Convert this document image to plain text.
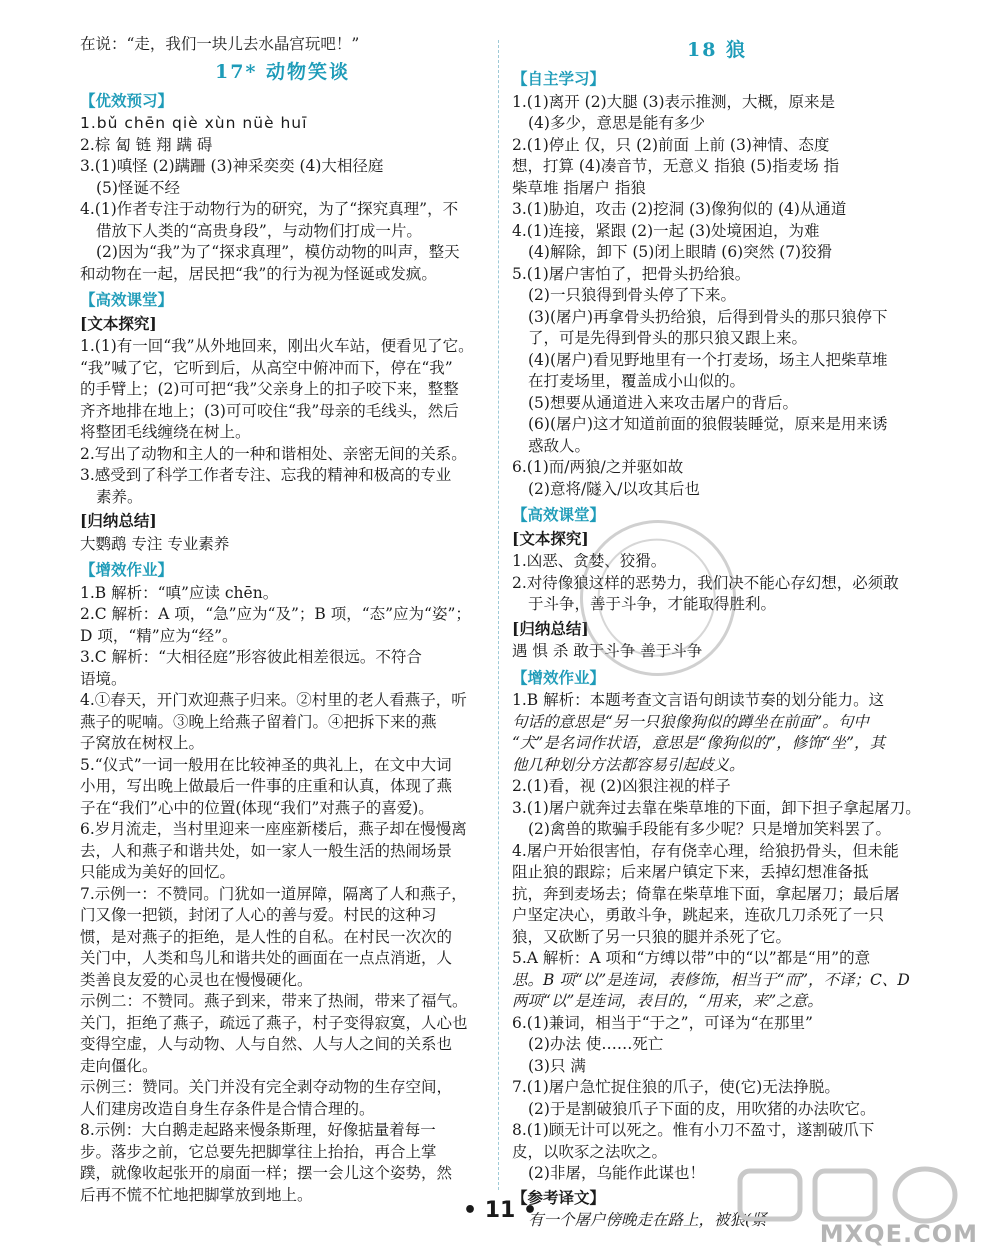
在说：“走，我们一块儿去水晶宫玩吧！”
17* 动物笑谈
【优效预习】
1.bǔ chēn qiè xùn nüè huī
2.棕 匐 链 翔 蹒 碍
3.(1)嗔怪 (2)蹒跚 (3)神采奕奕 (4)大相径庭
(5)怪诞不经
4.(1)作者专注于动物行为的研究，为了“探究真理”，不
借放下人类的“高贵身段”，与动物们打成一片。
(2)因为“我”为了“探求真理”，模仿动物的叫声，整天
和动物在一起，居民把“我”的行为视为怪诞或发疯。
【高效课堂】
[文本探究]
1.(1)有一回“我”从外地回来，刚出火车站，便看见了它。
“我”喊了它，它听到后，从高空中俯冲而下，停在“我”
的手臂上；(2)可可把“我”父亲身上的扣子咬下来，整整
齐齐地排在地上；(3)可可咬住“我”母亲的毛线头，然后
将整团毛线缠绕在树上。
2.写出了动物和主人的一种和谐相处、亲密无间的关系。
3.感受到了科学工作者专注、忘我的精神和极高的专业
素养。
[归纳总结]
大鹦鹉 专注 专业素养
【增效作业】
1.B 解析：“嗔”应读 chēn。
2.C 解析：A 项，“急”应为“及”；B 项，“态”应为“姿”；
D 项，“精”应为“经”。
3.C 解析：“大相径庭”形容彼此相差很远。不符合
语境。
4.①春天，开门欢迎燕子归来。②村里的老人看燕子，听
燕子的呢喃。③晚上给燕子留着门。④把拆下来的燕
子窝放在树杈上。
5.“仪式”一词一般用在比较神圣的典礼上，在文中大词
小用，写出晚上做最后一件事的庄重和认真，体现了燕
子在“我们”心中的位置(体现“我们”对燕子的喜爱)。
6.岁月流走，当村里迎来一座座新楼后，燕子却在慢慢离
去，人和燕子和谐共处，如一家人一般生活的热闹场景
只能成为美好的回忆。
7.示例一：不赞同。门犹如一道屏障，隔离了人和燕子，
门又像一把锁，封闭了人心的善与爱。村民的这种习
惯，是对燕子的拒绝，是人性的自私。在村民一次次的
关门中，人类和鸟儿和谐共处的画面在一点点消逝，人
类善良友爱的心灵也在慢慢硬化。
示例二：不赞同。燕子到来，带来了热闹，带来了福气。
关门，拒绝了燕子，疏远了燕子，村子变得寂寞，人心也
变得空虚，人与动物、人与自然、人与人之间的关系也
走向僵化。
示例三：赞同。关门并没有完全剥夺动物的生存空间，
人们建房改造自身生存条件是合情合理的。
8.示例：大白鹅走起路来慢条斯理，好像掂量着每一
步。落步之前，它总要先把脚掌往上抬抬，再合上掌
蹼，就像收起张开的扇面一样；摆一会儿这个姿势，然
后再不慌不忙地把脚掌放到地上。
18 狼
【自主学习】
1.(1)离开 (2)大腿 (3)表示推测，大概，原来是
(4)多少，意思是能有多少
2.(1)停止 仅，只 (2)前面 上前 (3)神情、态度
想，打算 (4)凑音节，无意义 指狼 (5)指麦场 指
柴草堆 指屠户 指狼
3.(1)胁迫，攻击 (2)挖洞 (3)像狗似的 (4)从通道
4.(1)连接，紧跟 (2)一起 (3)处境困迫，为难
(4)解除，卸下 (5)闭上眼睛 (6)突然 (7)狡猾
5.(1)屠户害怕了，把骨头扔给狼。
(2)一只狼得到骨头停了下来。
(3)(屠户)再拿骨头扔给狼，后得到骨头的那只狼停下
了，可是先得到骨头的那只狼又跟上来。
(4)(屠户)看见野地里有一个打麦场，场主人把柴草堆
在打麦场里，覆盖成小山似的。
(5)想要从通道进入来攻击屠户的背后。
(6)(屠户)这才知道前面的狼假装睡觉，原来是用来诱
惑敌人。
6.(1)而/两狼/之并驱如故
(2)意将/隧入/以攻其后也
【高效课堂】
[文本探究]
1.凶恶、贪婪、狡猾。
2.对待像狼这样的恶势力，我们决不能心存幻想，必须敢
于斗争，善于斗争，才能取得胜利。
[归纳总结]
遇 惧 杀 敢于斗争 善于斗争
【增效作业】
1.B 解析：本题考查文言语句朗读节奏的划分能力。这
句话的意思是“另一只狼像狗似的蹲坐在前面”。句中
“犬”是名词作状语，意思是“像狗似的”，修饰“坐”，其
他几种划分方法都容易引起歧义。
2.(1)看，视 (2)凶狠注视的样子
3.(1)屠户就奔过去靠在柴草堆的下面，卸下担子拿起屠刀。
(2)禽兽的欺骗手段能有多少呢？只是增加笑料罢了。
4.屠户开始很害怕，存有侥幸心理，给狼扔骨头，但未能
阻止狼的跟踪；后来屠户镇定下来，丢掉幻想准备抵
抗，奔到麦场去；倚靠在柴草堆下面，拿起屠刀；最后屠
户坚定决心，勇敢斗争，跳起来，连砍几刀杀死了一只
狼，又砍断了另一只狼的腿并杀死了它。
5.A 解析：A 项和“方缚以带”中的“以”都是“用”的意
思。B 项“以”是连词，表修饰，相当于“而”，不译；C、D
两项“以”是连词，表目的，“用来，来”之意。
6.(1)兼词，相当于“于之”，可译为“在那里”
(2)办法 使……死亡
(3)只 满
7.(1)屠户急忙捉住狼的爪子，使(它)无法挣脱。
(2)于是割破狼爪子下面的皮，用吹猪的办法吹它。
8.(1)顾无计可以死之。惟有小刀不盈寸，遂割破爪下
皮，以吹豕之法吹之。
(2)非屠，乌能作此谋也！
【参考译文】
有一个屠户傍晚走在路上，被狼(紧
• 11 •
MXQE.COM
